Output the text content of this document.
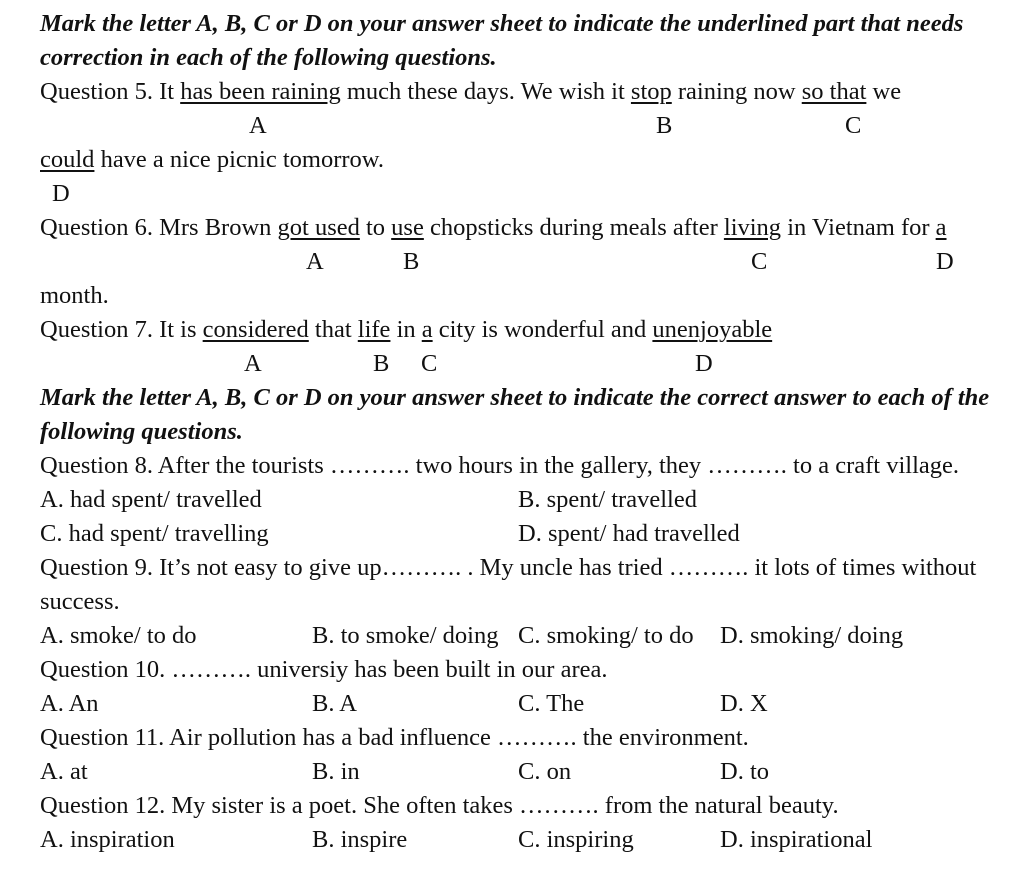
Mark the letter A, B, C or D on your answer sheet to indicate the underlined part that needs
correction in each of the following questions.
Question 5. It has been raining much these days. We wish it stop raining now so that we
A	B	C
could have a nice picnic tomorrow.
D
Question 6. Mrs Brown got used to use chopsticks during meals after living in Vietnam for a
A	B	C	D
month.
Question 7. It is considered that life in a city is wonderful and unenjoyable
A	B C	D
Mark the letter A, B, C or D on your answer sheet to indicate the correct answer to each of the
following questions.
Question 8. After the tourists ………. two hours in the gallery, they ………. to a craft village.
A. had spent/ travelled	B. spent/ travelled
C. had spent/ travelling	D. spent/ had travelled
Question 9. It’s not easy to give up………. . My uncle has tried ………. it lots of times without
success.
A. smoke/ to do	B. to smoke/ doing C. smoking/ to do D. smoking/ doing
Question 10. ………. universiy has been built in our area.
A. An	B. A	C. The	D. X
Question 11. Air pollution has a bad influence ………. the environment.
A. at	B. in	C. on	D. to
Question 12. My sister is a poet. She often takes ………. from the natural beauty.
A. inspiration	B. inspire	C. inspiring	D. inspirational
